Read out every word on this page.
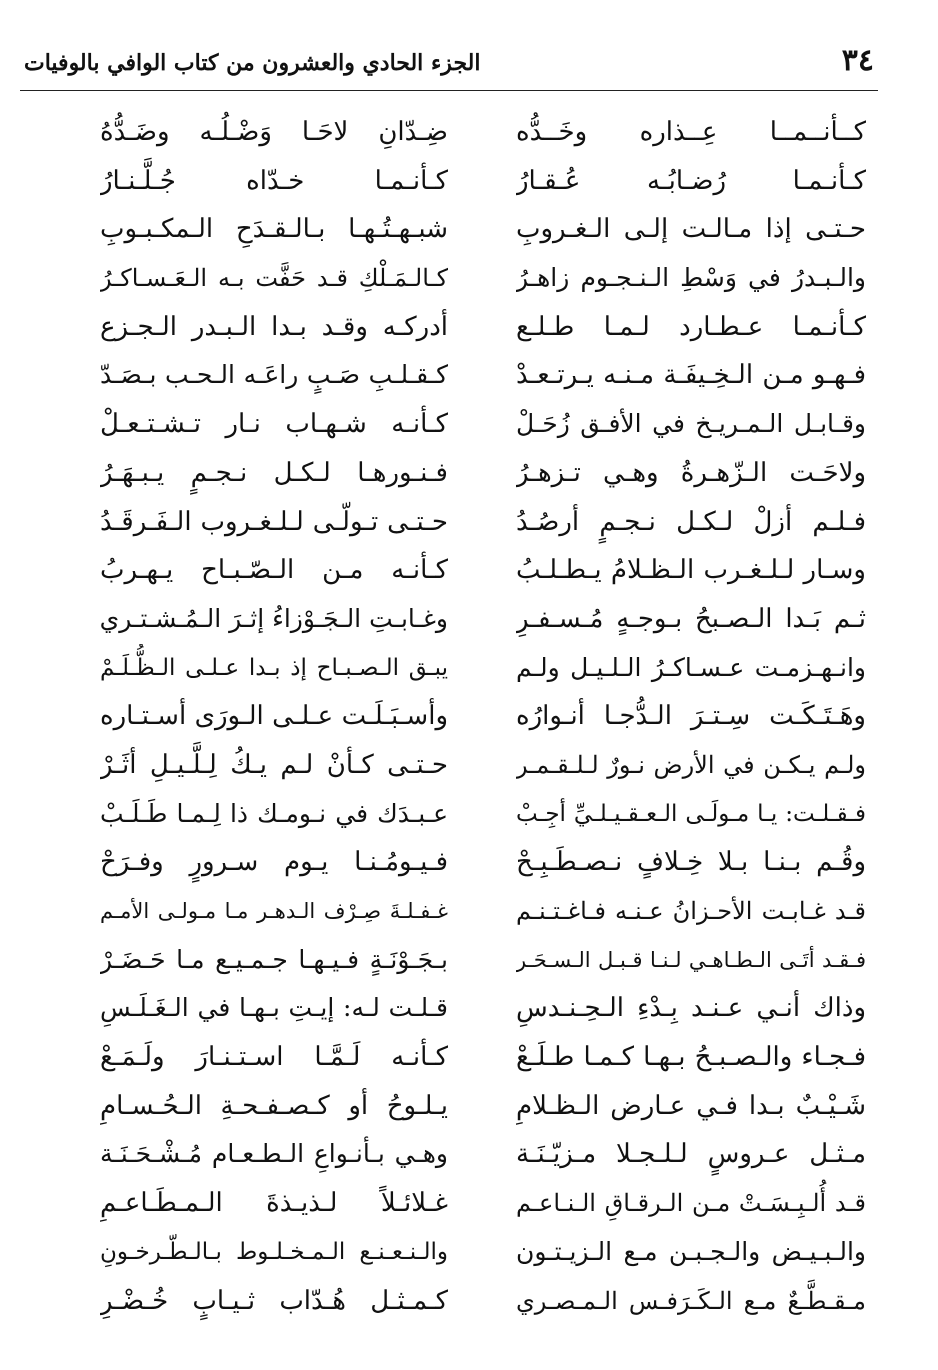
٣٤
الجزء الحادي والعشرون من كتاب الوافي بالوفيات
كــأنــمــا عِــذاره وخَــدُّه
ضِـدّانِ لاحَـا وَضْـلُـه وضَـدُّهُ
كـأنـمـا رُضـابُـه عُـقـارُ
كـأنـمـا خـدّاه جُـلَّـنـارُ
حـتـى إذا مـالـت إلـى الـغـروبِ
شبـهـتُـهـا بـالـقـدَحِ الـمكـبـوبِ
والـبـدرُ في وَسْطِ الـنـجـوم زاهـرُ
كـالـمَـلْكِ قـد حَفَّت بـه الـعَـسـاكـرُ
كـأنـمـا عـطـارد لـمـا طـلـع
أدركـه وقـد بـدا الـبـدر الـجـزع
فـهـو مـن الـخِـيفَـة مـنـه يـرتـعـدْ
كـقـلـبِ صَـبٍ راعَـه الـحـب بـصَـدّ
وقـابـل الـمـريـخ في الأفـق زُحَـلْ
كـأنـه شـهـاب نـار تـشـتـعـلْ
ولاحَـت الـزّهـرةُ وهـي تـزهـرُ
فـنـورهـا لـكـل نـجـمٍ يـبـهَـرُ
فـلـم أزلْ لـكـل نـجـمٍ أرصُـدُ
حـتـى تـولّـى لـلـغـروب الـفَـرقَـدُ
وسـار لـلـغـرب الـظـلامُ يـطـلـبُ
كـأنـه مـن الـصّـبـاح يـهـربُ
ثـم بَـدا الـصـبحُ بـوجـهٍ مُـسـفـرِ
وغـابـتِ الـجَـوْزاءُ إثـرَ الـمُـشـتـري
وانـهـزمـت عـسـاكـرُ الـلـيـل ولـم
يبـق الـصـبـاح إذ بـدا عـلـى الـظُّـلَـمْ
وهَـتَـكَـت سِـتـرَ الـدُّجـا أنـوارُه
وأسـبَـلَـت عـلـى الـورَى أسـتـاره
ولـم يـكـن في الأرض نـورٌ لـلـقـمـر
حـتـى كـأنْ لـم يـكُ لِـلَّـيـلِ أثَـرْ
فـقـلـت: يـا مـولَـى الـعـقـيـلـيِّ أجِـبْ
عـبـدَك في نـومـك ذا لِـمـا طَـلَـبْ
وقُـم بـنـا بـلا خِـلافٍ نـصـطَـبِـحْ
فـيـومُـنـا يـوم سـرورٍ وفـرَحْ
قـد غـابـت الأحـزانُ عـنـه فـاغـتـنـم
غـفـلـةَ صِـرْف الـدهـر مـا مـولـى الأمـم
فـقـد أتَـى الـطـاهـي لـنـا قـبـل الـسـحَـر
بـجَـوْنَـةٍ فـيـهـا جـمـيـع مـا حَـضَـرْ
وذاك أنـي عـنـد بِـدْءِ الـحِـنـدسِ
قـلـت لـه: إيـتِ بـهـا في الـغَـلَـسِ
فـجـاء والـصـبـحُ بـهـا كـمـا طـلَـعْ
كـأنـه لَـمَّـا اسـتـنـارَ ولَـمَـعْ
شَـيْـبٌ بـدا فـي عـارض الـظـلامِ
يـلـوحُ أو كـصـفـحـةِ الـحُـسـامِ
مـثـل عـروسٍ لـلـجـلا مـزيّـنَـة
وهـي بـأنـواعِ الـطـعـام مُـشْـحَـنَـة
قـد أُلـبِـسَـتْ مـن الـرقـاقِ الـنـاعـم
غـلائـلاً لـذيـذةَ الـمـطَـاعـمِ
والـبـيـض والـجـبـن مـع الـزيـتـون
والـنـعـنـع الـمـخـلـوط بـالـطّـرخـونِ
مـقـطَّـعٌ مـع الـكَـرَفـس الـمـصـري
كـمـثـل هُـدّاب ثـيـابٍ خُـضْـرِ
